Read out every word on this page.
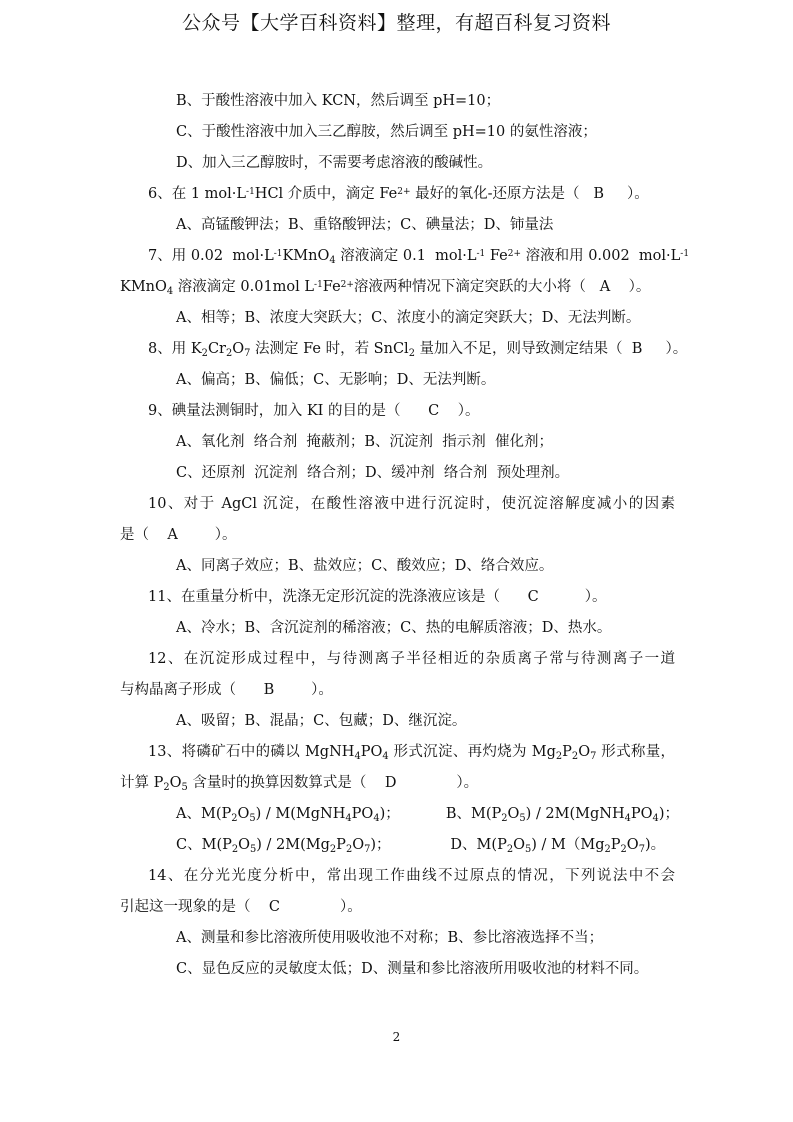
公众号【大学百科资料】整理，有超百科复习资料
B、于酸性溶液中加入 KCN，然后调至 pH=10；
C、于酸性溶液中加入三乙醇胺，然后调至 pH=10 的氨性溶液；
D、加入三乙醇胺时，不需要考虑溶液的酸碱性。
6、在 1 $mol\cdot L^{-1}HCl$ 介质中，滴定 $Fe^{2+}$ 最好的氧化-还原方法是（   B     ）。
A、高锰酸钾法；B、重铬酸钾法；C、碘量法；D、铈量法
7、用 0.02  $mol\cdot L^{-1}KMnO_4$ 溶液滴定 0.1  $mol\cdot L^{-1}$ $Fe^{2+}$ 溶液和用 0.002  $mol\cdot L^{-1}$
KMnO$_4$ 溶液滴定 0.01mol $L^{-1}Fe^{2+}$溶液两种情况下滴定突跃的大小将（   A    ）。
A、相等；B、浓度大突跃大；C、浓度小的滴定突跃大；D、无法判断。
8、用 $K_2Cr_2O_7$ 法测定 Fe 时，若 SnCl$_2$ 量加入不足，则导致测定结果（  B     ）。
A、偏高；B、偏低；C、无影响；D、无法判断。
9、碘量法测铜时，加入 KI 的目的是（      C    ）。
A、氧化剂  络合剂  掩蔽剂；B、沉淀剂  指示剂  催化剂；
C、还原剂  沉淀剂  络合剂；D、缓冲剂  络合剂  预处理剂。
10、对于 AgCl 沉淀，在酸性溶液中进行沉淀时，使沉淀溶解度减小的因素
是（    A        ）。
A、同离子效应；B、盐效应；C、酸效应；D、络合效应。
11、在重量分析中，洗涤无定形沉淀的洗涤液应该是（      C          ）。
A、冷水；B、含沉淀剂的稀溶液；C、热的电解质溶液；D、热水。
12、在沉淀形成过程中，与待测离子半径相近的杂质离子常与待测离子一道
与构晶离子形成（      B        ）。
A、吸留；B、混晶；C、包藏；D、继沉淀。
13、将磷矿石中的磷以 $MgNH_4PO_4$ 形式沉淀、再灼烧为 $Mg_2P_2O_7$ 形式称量，
计算 $P_2O_5$ 含量时的换算因数算式是（    D             ）。
A、$M(P_2O_5)$ / $M(MgNH_4PO_4)$；          B、$M(P_2O_5)$ / $2M(MgNH_4PO_4)$；
C、$M(P_2O_5) / 2M(Mg_2P_2O_7)$；             D、$M(P_2O_5) / M(Mg_2P_2O_7)$。
14、在分光光度分析中，常出现工作曲线不过原点的情况，下列说法中不会
引起这一现象的是（    C             ）。
A、测量和参比溶液所使用吸收池不对称；B、参比溶液选择不当；
C、显色反应的灵敏度太低；D、测量和参比溶液所用吸收池的材料不同。
2
